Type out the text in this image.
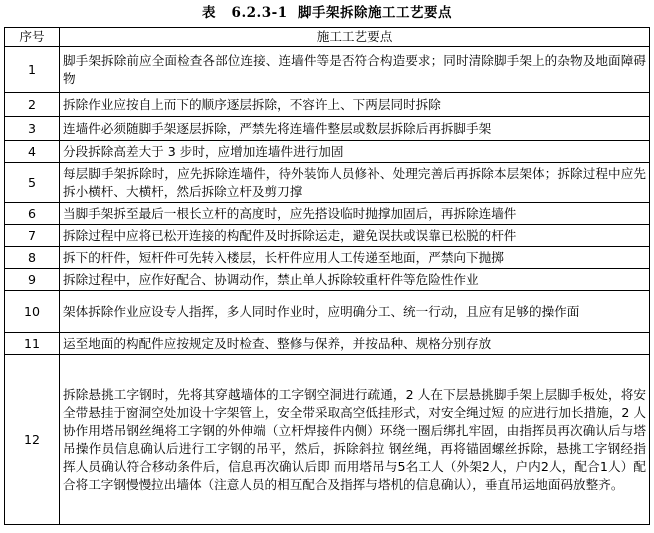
表   6.2.3-1  脚手架拆除施工工艺要点
序号	施工工艺要点
1	脚手架拆除前应全面检查各部位连接、连墙件等是否符合构造要求；同时清除脚手架上的杂物及地面障碍物
2	拆除作业应按自上而下的顺序逐层拆除，不容许上、下两层同时拆除
3	连墙件必须随脚手架逐层拆除，严禁先将连墙件整层或数层拆除后再拆脚手架
4	分段拆除高差大于 3 步时，应增加连墙件进行加固
5	每层脚手架拆除时，应先拆除连墙件，待外装饰人员修补、处理完善后再拆除本层架体；拆除过程中应先拆小横杆、大横杆，然后拆除立杆及剪刀撑
6	当脚手架拆至最后一根长立杆的高度时，应先搭设临时抛撑加固后，再拆除连墙件
7	拆除过程中应将已松开连接的构配件及时拆除运走，避免误扶或误靠已松脱的杆件
8	拆下的杆件，短杆件可先转入楼层，长杆件应用人工传递至地面，严禁向下抛掷
9	拆除过程中，应作好配合、协调动作，禁止单人拆除较重杆件等危险性作业
10	架体拆除作业应设专人指挥，多人同时作业时，应明确分工、统一行动，且应有足够的操作面
11	运至地面的构配件应按规定及时检查、整修与保养，并按品种、规格分别存放
12	拆除悬挑工字钢时，先将其穿越墙体的工字钢空洞进行疏通，2 人在下层悬挑脚手架上层脚手板处，将安全带悬挂于窗洞空处加设十字架管上，安全带采取高空低挂形式，对安全绳过短 的应进行加长措施，2 人协作用塔吊钢丝绳将工字钢的外伸端（立杆焊接件内侧）环绕一圈后绑扎牢固，由指挥员再次确认后与塔吊操作员信息确认后进行工字钢的吊平，然后，拆除斜拉 钢丝绳，再将锚固螺丝拆除，悬挑工字钢经指挥人员确认符合移动条件后，信息再次确认后即 而用塔吊与5名工人（外架2人，户内2人，配合1人）配合将工字钢慢慢拉出墙体（注意人员的相互配合及指挥与塔机的信息确认），垂直吊运地面码放整齐。
